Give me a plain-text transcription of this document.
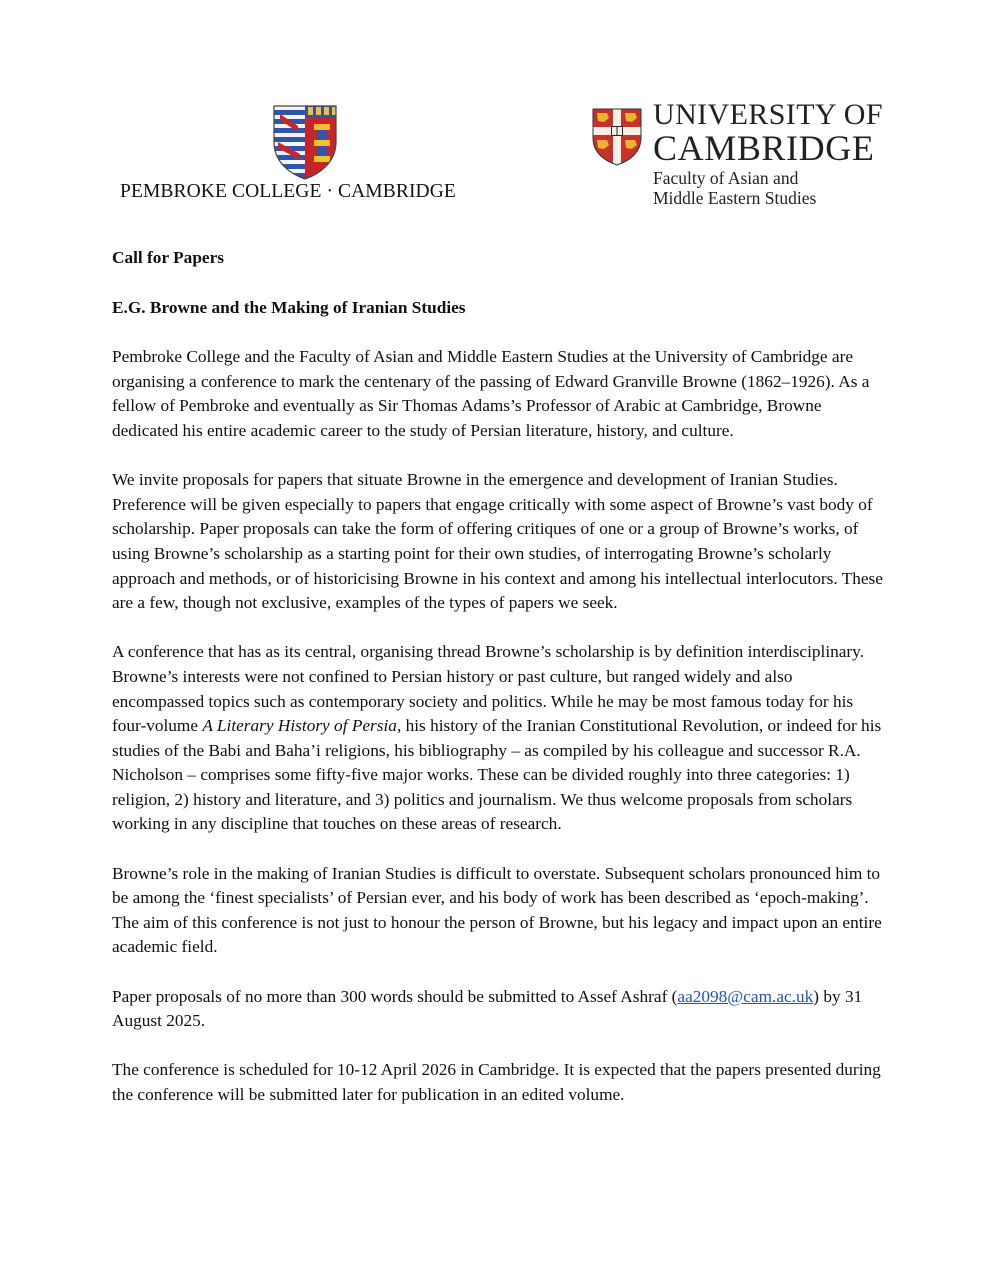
PEMBROKE COLLEGE · CAMBRIDGE
UNIVERSITY OF
CAMBRIDGE
Faculty of Asian and
Middle Eastern Studies

Call for Papers

E.G. Browne and the Making of Iranian Studies

Pembroke College and the Faculty of Asian and Middle Eastern Studies at the University of Cambridge are organising a conference to mark the centenary of the passing of Edward Granville Browne (1862–1926). As a fellow of Pembroke and eventually as Sir Thomas Adams’s Professor of Arabic at Cambridge, Browne dedicated his entire academic career to the study of Persian literature, history, and culture.

We invite proposals for papers that situate Browne in the emergence and development of Iranian Studies. Preference will be given especially to papers that engage critically with some aspect of Browne’s vast body of scholarship. Paper proposals can take the form of offering critiques of one or a group of Browne’s works, of using Browne’s scholarship as a starting point for their own studies, of interrogating Browne’s scholarly approach and methods, or of historicising Browne in his context and among his intellectual interlocutors. These are a few, though not exclusive, examples of the types of papers we seek.

A conference that has as its central, organising thread Browne’s scholarship is by definition interdisciplinary. Browne’s interests were not confined to Persian history or past culture, but ranged widely and also encompassed topics such as contemporary society and politics. While he may be most famous today for his four-volume A Literary History of Persia, his history of the Iranian Constitutional Revolution, or indeed for his studies of the Babi and Baha’i religions, his bibliography – as compiled by his colleague and successor R.A. Nicholson – comprises some fifty-five major works. These can be divided roughly into three categories: 1) religion, 2) history and literature, and 3) politics and journalism. We thus welcome proposals from scholars working in any discipline that touches on these areas of research.

Browne’s role in the making of Iranian Studies is difficult to overstate. Subsequent scholars pronounced him to be among the ‘finest specialists’ of Persian ever, and his body of work has been described as ‘epoch-making’. The aim of this conference is not just to honour the person of Browne, but his legacy and impact upon an entire academic field.

Paper proposals of no more than 300 words should be submitted to Assef Ashraf (aa2098@cam.ac.uk) by 31 August 2025.

The conference is scheduled for 10-12 April 2026 in Cambridge. It is expected that the papers presented during the conference will be submitted later for publication in an edited volume.
